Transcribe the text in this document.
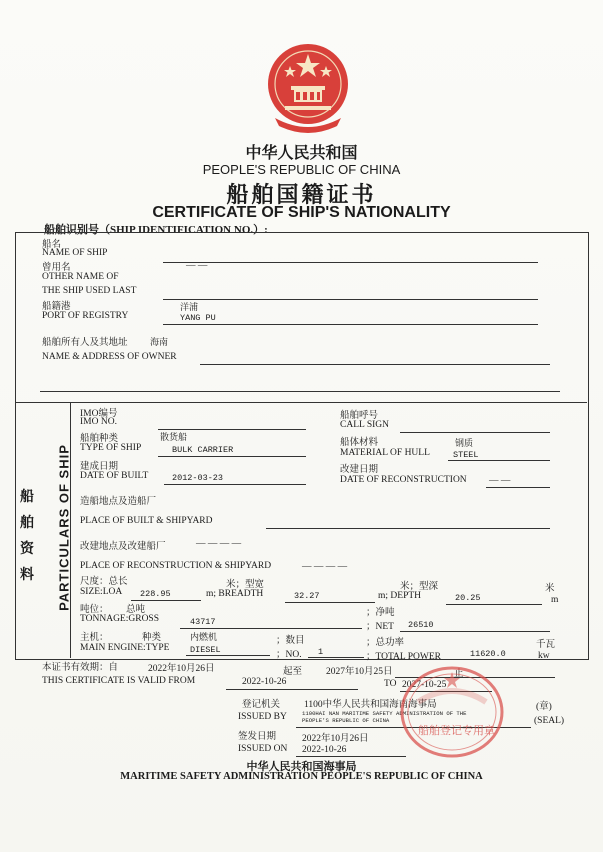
中华人民共和国
PEOPLE'S REPUBLIC OF CHINA
船舶国籍证书
CERTIFICATE OF SHIP'S NATIONALITY
船舶识别号（SHIP IDENTIFICATION NO.）:
船名
NAME OF SHIP
曾用名	— —
OTHER NAME OF
THE SHIP USED LAST
船籍港	洋浦
PORT OF REGISTRY	YANG PU
船舶所有人及其地址 海南
NAME & ADDRESS OF OWNER
PARTICULARS OF SHIP
船
舶
资
料
IMO编号
IMO NO.
船舶呼号
CALL SIGN
船舶种类	散货船
TYPE OF SHIP	BULK CARRIER
船体材料	钢质
MATERIAL OF HULL	STEEL
建成日期
DATE OF BUILT	2012-03-23
改建日期
DATE OF RECONSTRUCTION — —
造船地点及造船厂
PLACE OF BUILT & SHIPYARD
改建地点及改建船厂	— — — —
PLACE OF RECONSTRUCTION & SHIPYARD	— — — —
尺度：总长	米；型宽	米；型深	米
SIZE:LOA 228.95	m; BREADTH	32.27	m; DEPTH	20.25	m
吨位： 总吨	；净吨
TONNAGE:GROSS	43717	；NET 26510
主机：	种类	内燃机	；数目	；总功率	千瓦
MAIN ENGINE:TYPE DIESEL	；NO. 1	；TOTAL POWER	11620.0	kw
本证书有效期：自	2022年10月26日	起至	2027年10月25日	止
THIS CERTIFICATE IS VALID FROM	2022-10-26	TO 2027-10-25
登记机关	1100中华人民共和国海南海事局	(章)
ISSUED BY	1100HAI NAN MARITIME SAFETY ADMINISTRATION OF THE
PEOPLE'S REPUBLIC OF CHINA	(SEAL)
签发日期	2022年10月26日
ISSUED ON 2022-10-26
船舶登记专用章
中华人民共和国海事局
MARITIME SAFETY ADMINISTRATION PEOPLE'S REPUBLIC OF CHINA
